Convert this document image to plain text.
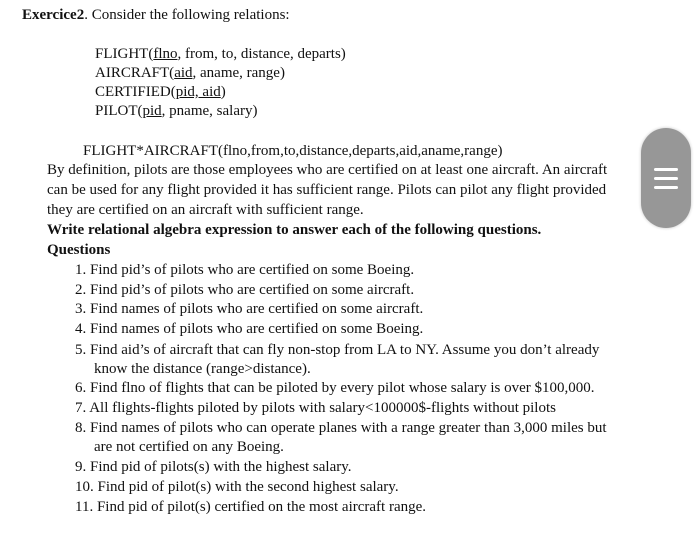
Exercice2. Consider the following relations:
FLIGHT(flno, from, to, distance, departs)
AIRCRAFT(aid, aname, range)
CERTIFIED(pid, aid)
PILOT(pid, pname, salary)
FLIGHT*AIRCRAFT(flno,from,to,distance,departs,aid,aname,range)
By definition, pilots are those employees who are certified on at least one aircraft. An aircraft
can be used for any flight provided it has sufficient range. Pilots can pilot any flight provided
they are certified on an aircraft with sufficient range.
Write relational algebra expression to answer each of the following questions.
Questions
1. Find pid’s of pilots who are certified on some Boeing.
2. Find pid’s of pilots who are certified on some aircraft.
3. Find names of pilots who are certified on some aircraft.
4. Find names of pilots who are certified on some Boeing.
5. Find aid’s of aircraft that can fly non-stop from LA to NY. Assume you don’t already
know the distance (range>distance).
6. Find flno of flights that can be piloted by every pilot whose salary is over $100,000.
7. All flights-flights piloted by pilots with salary<100000$-flights without pilots
8. Find names of pilots who can operate planes with a range greater than 3,000 miles but
are not certified on any Boeing.
9. Find pid of pilots(s) with the highest salary.
10. Find pid of pilot(s) with the second highest salary.
11. Find pid of pilot(s) certified on the most aircraft range.
